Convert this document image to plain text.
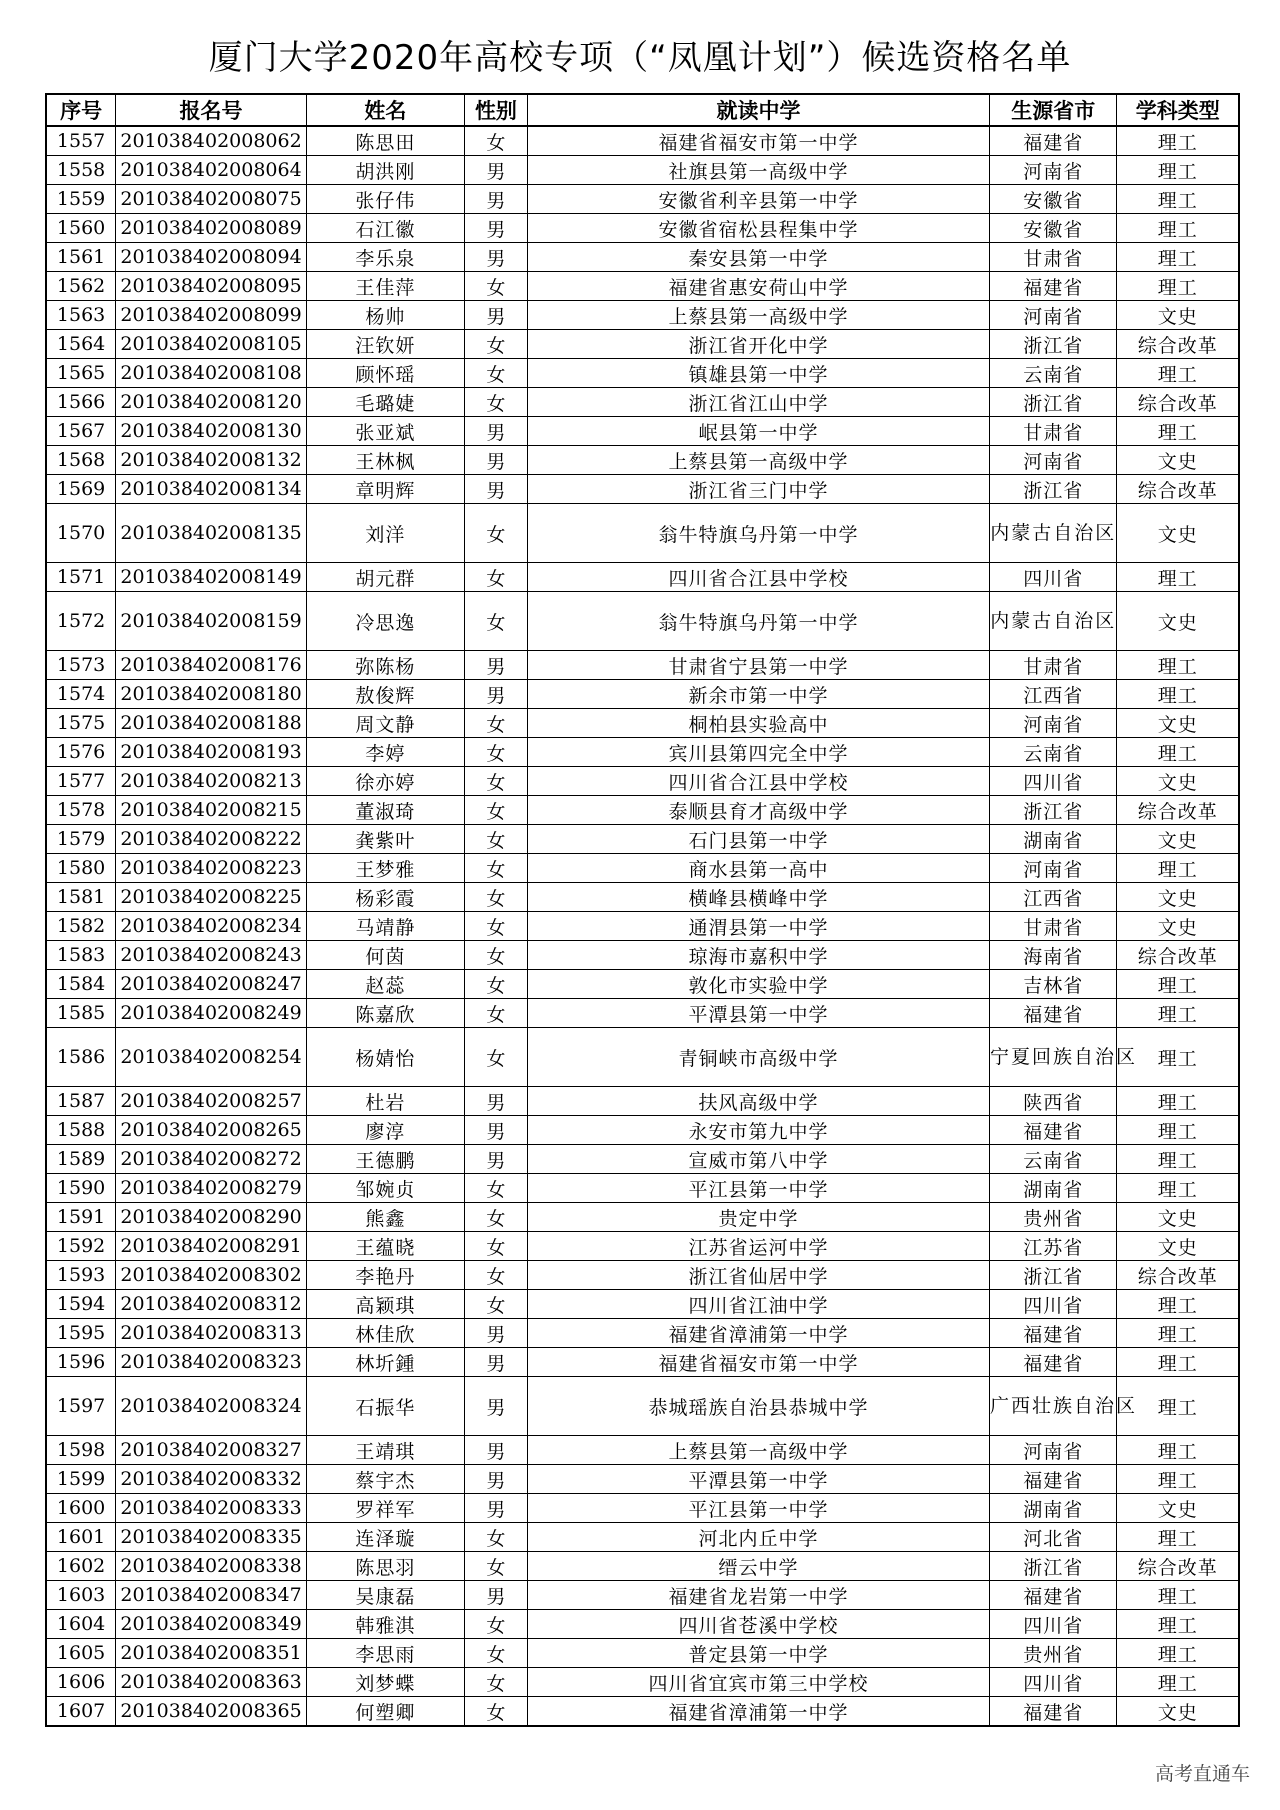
厦门大学2020年高校专项（“凤凰计划”）候选资格名单
序号	报名号	姓名	性别	就读中学	生源省市	学科类型
1557	201038402008062	陈思田	女	福建省福安市第一中学	福建省	理工
1558	201038402008064	胡洪刚	男	社旗县第一高级中学	河南省	理工
1559	201038402008075	张仔伟	男	安徽省利辛县第一中学	安徽省	理工
1560	201038402008089	石江徽	男	安徽省宿松县程集中学	安徽省	理工
1561	201038402008094	李乐泉	男	秦安县第一中学	甘肃省	理工
1562	201038402008095	王佳萍	女	福建省惠安荷山中学	福建省	理工
1563	201038402008099	杨帅	男	上蔡县第一高级中学	河南省	文史
1564	201038402008105	汪钦妍	女	浙江省开化中学	浙江省	综合改革
1565	201038402008108	顾怀瑶	女	镇雄县第一中学	云南省	理工
1566	201038402008120	毛璐婕	女	浙江省江山中学	浙江省	综合改革
1567	201038402008130	张亚斌	男	岷县第一中学	甘肃省	理工
1568	201038402008132	王林枫	男	上蔡县第一高级中学	河南省	文史
1569	201038402008134	章明辉	男	浙江省三门中学	浙江省	综合改革
1570	201038402008135	刘洋	女	翁牛特旗乌丹第一中学	内蒙古自治区	文史
1571	201038402008149	胡元群	女	四川省合江县中学校	四川省	理工
1572	201038402008159	冷思逸	女	翁牛特旗乌丹第一中学	内蒙古自治区	文史
1573	201038402008176	弥陈杨	男	甘肃省宁县第一中学	甘肃省	理工
1574	201038402008180	敖俊辉	男	新余市第一中学	江西省	理工
1575	201038402008188	周文静	女	桐柏县实验高中	河南省	文史
1576	201038402008193	李婷	女	宾川县第四完全中学	云南省	理工
1577	201038402008213	徐亦婷	女	四川省合江县中学校	四川省	文史
1578	201038402008215	董淑琦	女	泰顺县育才高级中学	浙江省	综合改革
1579	201038402008222	龚紫叶	女	石门县第一中学	湖南省	文史
1580	201038402008223	王梦雅	女	商水县第一高中	河南省	理工
1581	201038402008225	杨彩霞	女	横峰县横峰中学	江西省	文史
1582	201038402008234	马靖静	女	通渭县第一中学	甘肃省	文史
1583	201038402008243	何茵	女	琼海市嘉积中学	海南省	综合改革
1584	201038402008247	赵蕊	女	敦化市实验中学	吉林省	理工
1585	201038402008249	陈嘉欣	女	平潭县第一中学	福建省	理工
1586	201038402008254	杨婧怡	女	青铜峡市高级中学	宁夏回族自治区	理工
1587	201038402008257	杜岩	男	扶风高级中学	陕西省	理工
1588	201038402008265	廖淳	男	永安市第九中学	福建省	理工
1589	201038402008272	王德鹏	男	宣威市第八中学	云南省	理工
1590	201038402008279	邹婉贞	女	平江县第一中学	湖南省	理工
1591	201038402008290	熊鑫	女	贵定中学	贵州省	文史
1592	201038402008291	王蕴晓	女	江苏省运河中学	江苏省	文史
1593	201038402008302	李艳丹	女	浙江省仙居中学	浙江省	综合改革
1594	201038402008312	高颖琪	女	四川省江油中学	四川省	理工
1595	201038402008313	林佳欣	男	福建省漳浦第一中学	福建省	理工
1596	201038402008323	林圻鍾	男	福建省福安市第一中学	福建省	理工
1597	201038402008324	石振华	男	恭城瑶族自治县恭城中学	广西壮族自治区	理工
1598	201038402008327	王靖琪	男	上蔡县第一高级中学	河南省	理工
1599	201038402008332	蔡宇杰	男	平潭县第一中学	福建省	理工
1600	201038402008333	罗祥军	男	平江县第一中学	湖南省	文史
1601	201038402008335	连泽璇	女	河北内丘中学	河北省	理工
1602	201038402008338	陈思羽	女	缙云中学	浙江省	综合改革
1603	201038402008347	吴康磊	男	福建省龙岩第一中学	福建省	理工
1604	201038402008349	韩雅淇	女	四川省苍溪中学校	四川省	理工
1605	201038402008351	李思雨	女	普定县第一中学	贵州省	理工
1606	201038402008363	刘梦蝶	女	四川省宜宾市第三中学校	四川省	理工
1607	201038402008365	何塑卿	女	福建省漳浦第一中学	福建省	文史
高考直通车
